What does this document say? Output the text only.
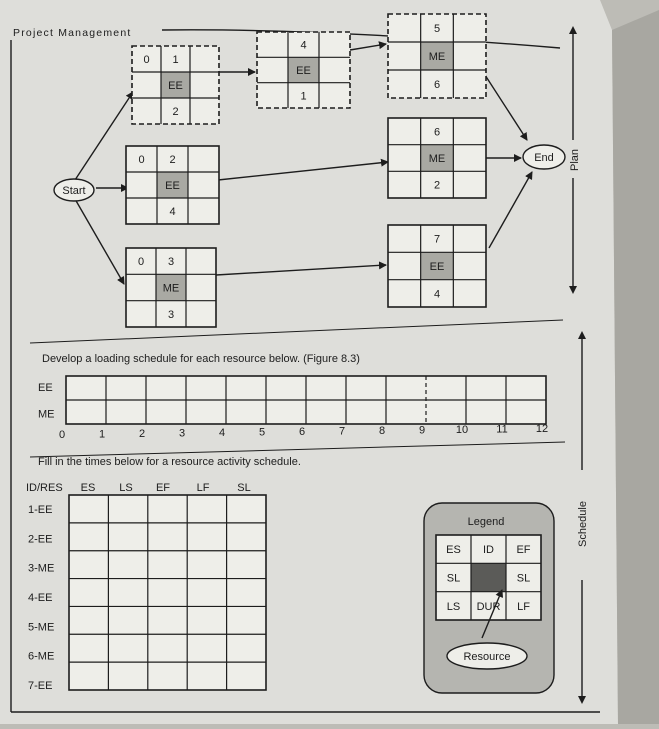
Project Management
Plan
Schedule
Start
End
0 1
EE
2
0 2
EE
4
0 3
ME
3
4
EE
1
5
ME
6
6
ME
2
7
EE
4
Develop a loading schedule for each resource below. (Figure 8.3)
EE
ME
0	1	2	3	4	5	6	7	8	9	10	11	12
Fill in the times below for a resource activity schedule.
ID/RES ES LS EF LF	SL
1-EE
2-EE
3-ME
4-EE
5-ME
6-ME
7-EE
Legend
ES ID EF
SL	SL
LS DUR LF
Resource
